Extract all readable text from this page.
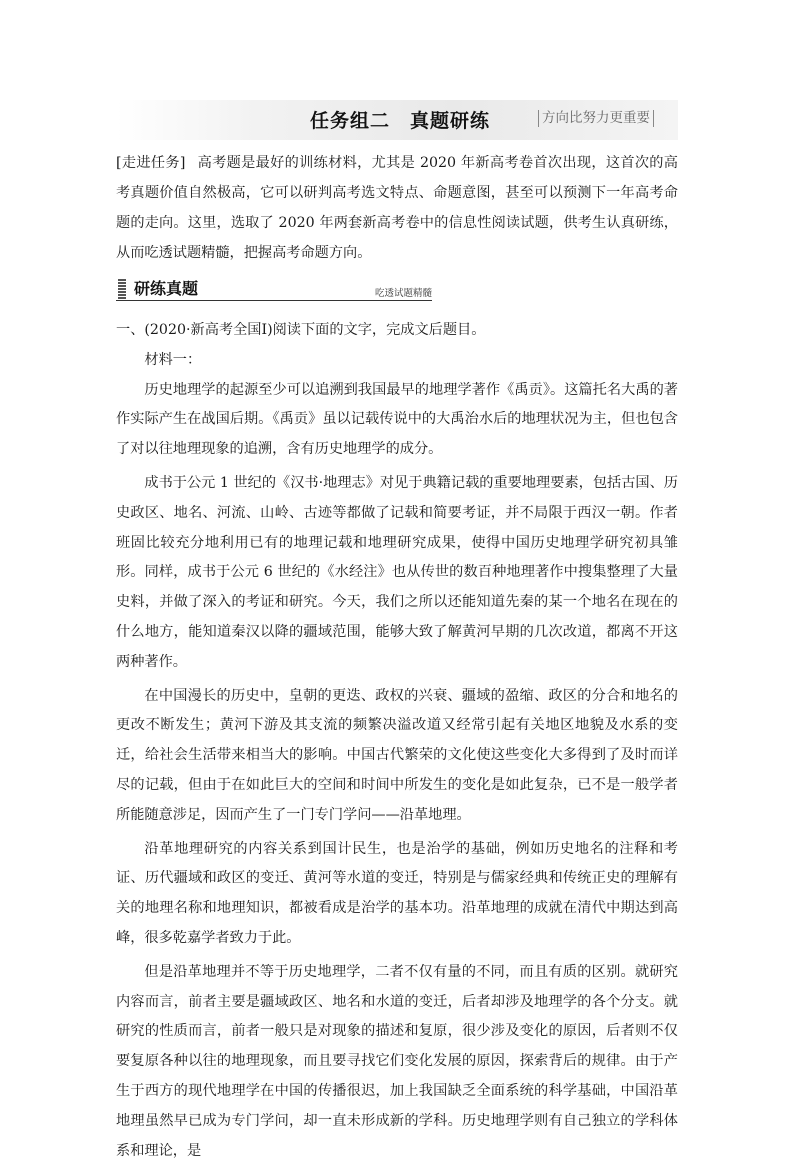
任务组二　真题研练	方向比努力更重要
[走进任务] 高考题是最好的训练材料，尤其是 2020 年新高考卷首次出现，这首次的高考真题价值自然极高，它可以研判高考选文特点、命题意图，甚至可以预测下一年高考命题的走向。这里，选取了 2020 年两套新高考卷中的信息性阅读试题，供考生认真研练，从而吃透试题精髓，把握高考命题方向。
研练真题	吃透试题精髓

一、(2020·新高考全国Ⅰ)阅读下面的文字，完成文后题目。

材料一：

历史地理学的起源至少可以追溯到我国最早的地理学著作《禹贡》。这篇托名大禹的著作实际产生在战国后期。《禹贡》虽以记载传说中的大禹治水后的地理状况为主，但也包含了对以往地理现象的追溯，含有历史地理学的成分。

成书于公元 1 世纪的《汉书·地理志》对见于典籍记载的重要地理要素，包括古国、历史政区、地名、河流、山岭、古迹等都做了记载和简要考证，并不局限于西汉一朝。作者班固比较充分地利用已有的地理记载和地理研究成果，使得中国历史地理学研究初具雏形。同样，成书于公元 6 世纪的《水经注》也从传世的数百种地理著作中搜集整理了大量史料，并做了深入的考证和研究。今天，我们之所以还能知道先秦的某一个地名在现在的什么地方，能知道秦汉以降的疆域范围，能够大致了解黄河早期的几次改道，都离不开这两种著作。

在中国漫长的历史中，皇朝的更迭、政权的兴衰、疆域的盈缩、政区的分合和地名的更改不断发生；黄河下游及其支流的频繁决溢改道又经常引起有关地区地貌及水系的变迁，给社会生活带来相当大的影响。中国古代繁荣的文化使这些变化大多得到了及时而详尽的记载，但由于在如此巨大的空间和时间中所发生的变化是如此复杂，已不是一般学者所能随意涉足，因而产生了一门专门学问——沿革地理。

沿革地理研究的内容关系到国计民生，也是治学的基础，例如历史地名的注释和考证、历代疆域和政区的变迁、黄河等水道的变迁，特别是与儒家经典和传统正史的理解有关的地理名称和地理知识，都被看成是治学的基本功。沿革地理的成就在清代中期达到高峰，很多乾嘉学者致力于此。

但是沿革地理并不等于历史地理学，二者不仅有量的不同，而且有质的区别。就研究内容而言，前者主要是疆域政区、地名和水道的变迁，后者却涉及地理学的各个分支。就研究的性质而言，前者一般只是对现象的描述和复原，很少涉及变化的原因，后者则不仅要复原各种以往的地理现象，而且要寻找它们变化发展的原因，探索背后的规律。由于产生于西方的现代地理学在中国的传播很迟，加上我国缺乏全面系统的科学基础，中国沿革地理虽然早已成为专门学问，却一直未形成新的学科。历史地理学则有自己独立的学科体系和理论，是
